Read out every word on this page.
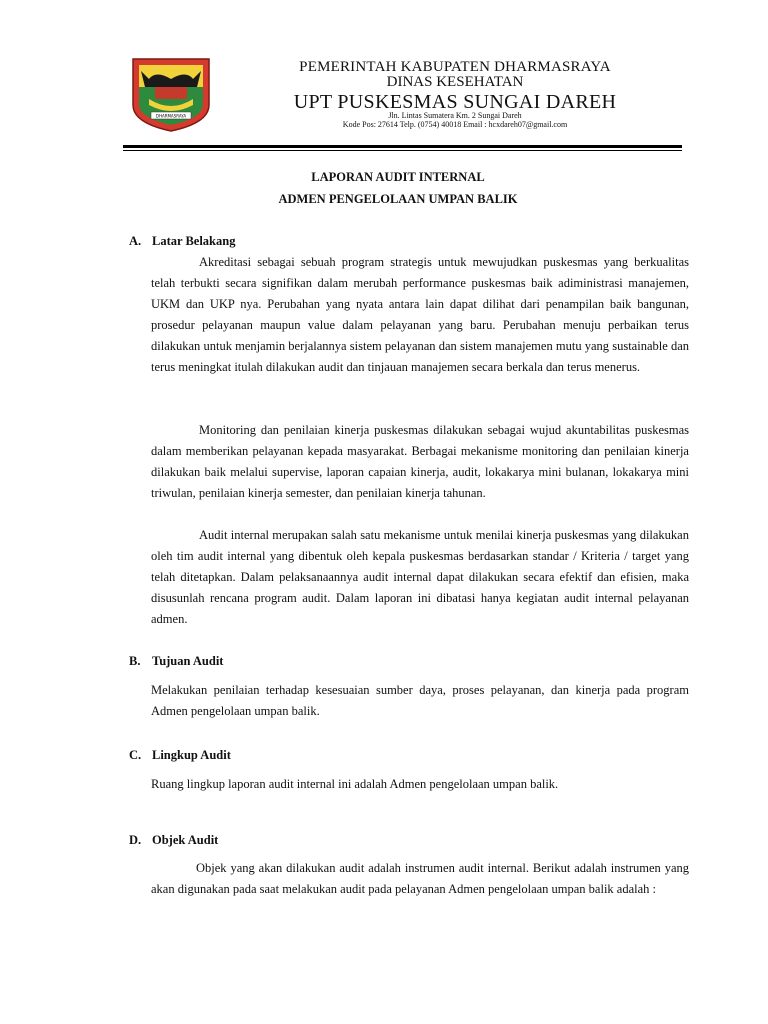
DHARMASRAYA
PEMERINTAH KABUPATEN DHARMASRAYA
DINAS KESEHATAN
UPT PUSKESMAS SUNGAI DAREH
Jln. Lintas Sumatera Km. 2 Sungai Dareh
Kode Pos: 27614 Telp. (0754) 40018 Email : hcxdareh07@gmail.com
LAPORAN AUDIT INTERNAL
ADMEN PENGELOLAAN UMPAN BALIK
A. Latar Belakang

Akreditasi sebagai sebuah program strategis untuk mewujudkan puskesmas yang berkualitas telah terbukti secara signifikan dalam merubah performance puskesmas baik adiministrasi manajemen, UKM dan UKP nya. Perubahan yang nyata antara lain dapat dilihat dari penampilan baik bangunan, prosedur pelayanan maupun value dalam pelayanan yang baru. Perubahan menuju perbaikan terus dilakukan untuk menjamin berjalannya sistem pelayanan dan sistem manajemen mutu yang sustainable dan terus meningkat itulah dilakukan audit dan tinjauan manajemen secara berkala dan terus menerus.

Monitoring dan penilaian kinerja puskesmas dilakukan sebagai wujud akuntabilitas puskesmas dalam memberikan pelayanan kepada masyarakat. Berbagai mekanisme monitoring dan penilaian kinerja dilakukan baik melalui supervise, laporan capaian kinerja, audit, lokakarya mini bulanan, lokakarya mini triwulan, penilaian kinerja semester, dan penilaian kinerja tahunan.

Audit internal merupakan salah satu mekanisme untuk menilai kinerja puskesmas yang dilakukan oleh tim audit internal yang dibentuk oleh kepala puskesmas berdasarkan standar / Kriteria / target yang telah ditetapkan. Dalam pelaksanaannya audit internal dapat dilakukan secara efektif dan efisien, maka disusunlah rencana program audit. Dalam laporan ini dibatasi hanya kegiatan audit internal pelayanan admen.

B. Tujuan Audit

Melakukan penilaian terhadap kesesuaian sumber daya, proses pelayanan, dan kinerja pada program Admen pengelolaan umpan balik.

C. Lingkup Audit

Ruang lingkup laporan audit internal ini adalah Admen pengelolaan umpan balik.

D. Objek Audit

Objek yang akan dilakukan audit adalah instrumen audit internal. Berikut adalah instrumen yang akan digunakan pada saat melakukan audit pada pelayanan Admen pengelolaan umpan balik adalah :
